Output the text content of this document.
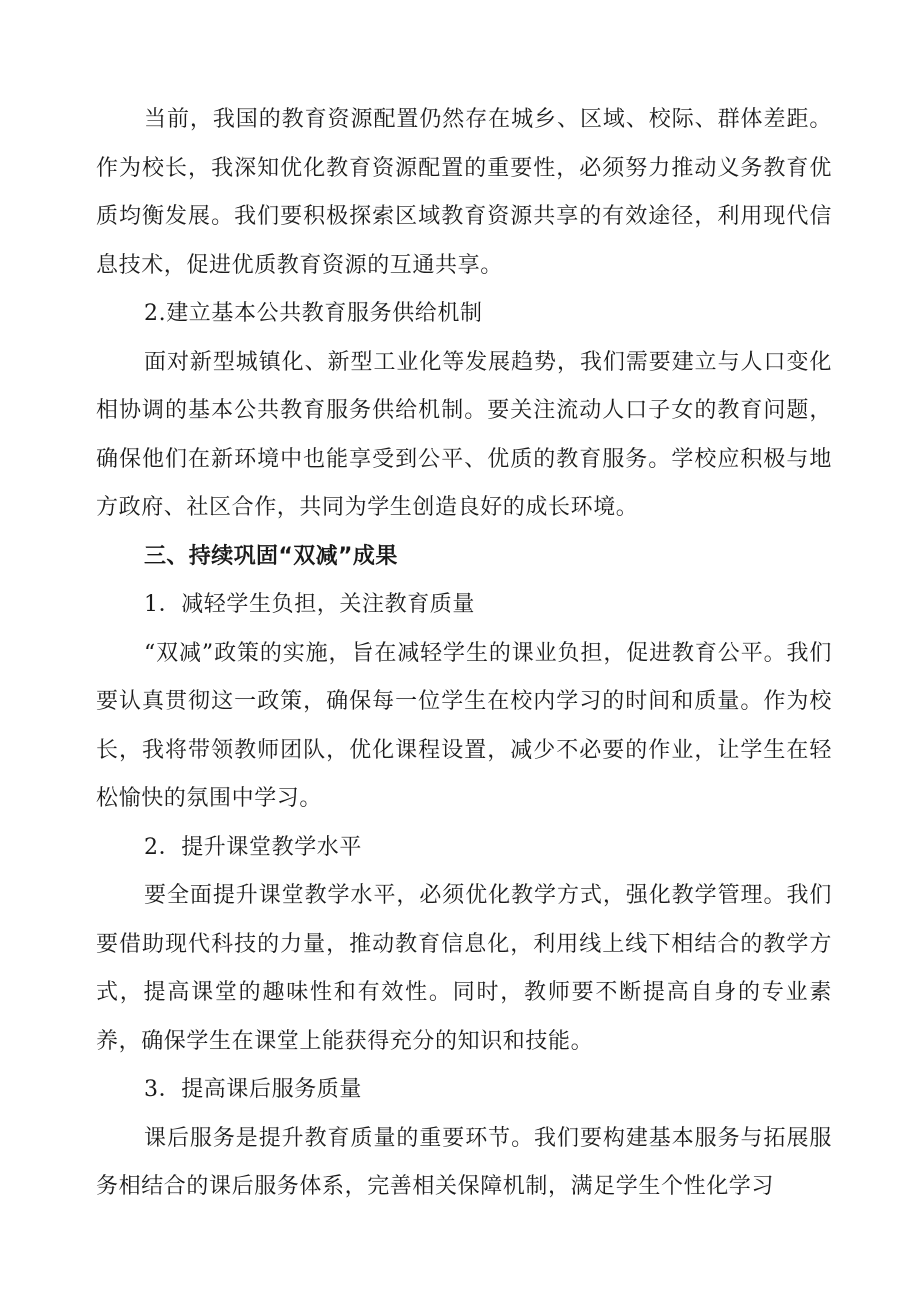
当前，我国的教育资源配置仍然存在城乡、区域、校际、群体差距。作为校长，我深知优化教育资源配置的重要性，必须努力推动义务教育优质均衡发展。我们要积极探索区域教育资源共享的有效途径，利用现代信息技术，促进优质教育资源的互通共享。

2.建立基本公共教育服务供给机制

面对新型城镇化、新型工业化等发展趋势，我们需要建立与人口变化相协调的基本公共教育服务供给机制。要关注流动人口子女的教育问题，确保他们在新环境中也能享受到公平、优质的教育服务。学校应积极与地方政府、社区合作，共同为学生创造良好的成长环境。

三、持续巩固“双减”成果

1．减轻学生负担，关注教育质量

“双减”政策的实施，旨在减轻学生的课业负担，促进教育公平。我们要认真贯彻这一政策，确保每一位学生在校内学习的时间和质量。作为校长，我将带领教师团队，优化课程设置，减少不必要的作业，让学生在轻松愉快的氛围中学习。

2．提升课堂教学水平

要全面提升课堂教学水平，必须优化教学方式，强化教学管理。我们要借助现代科技的力量，推动教育信息化，利用线上线下相结合的教学方式，提高课堂的趣味性和有效性。同时，教师要不断提高自身的专业素养，确保学生在课堂上能获得充分的知识和技能。

3．提高课后服务质量

课后服务是提升教育质量的重要环节。我们要构建基本服务与拓展服务相结合的课后服务体系，完善相关保障机制，满足学生个性化学习
